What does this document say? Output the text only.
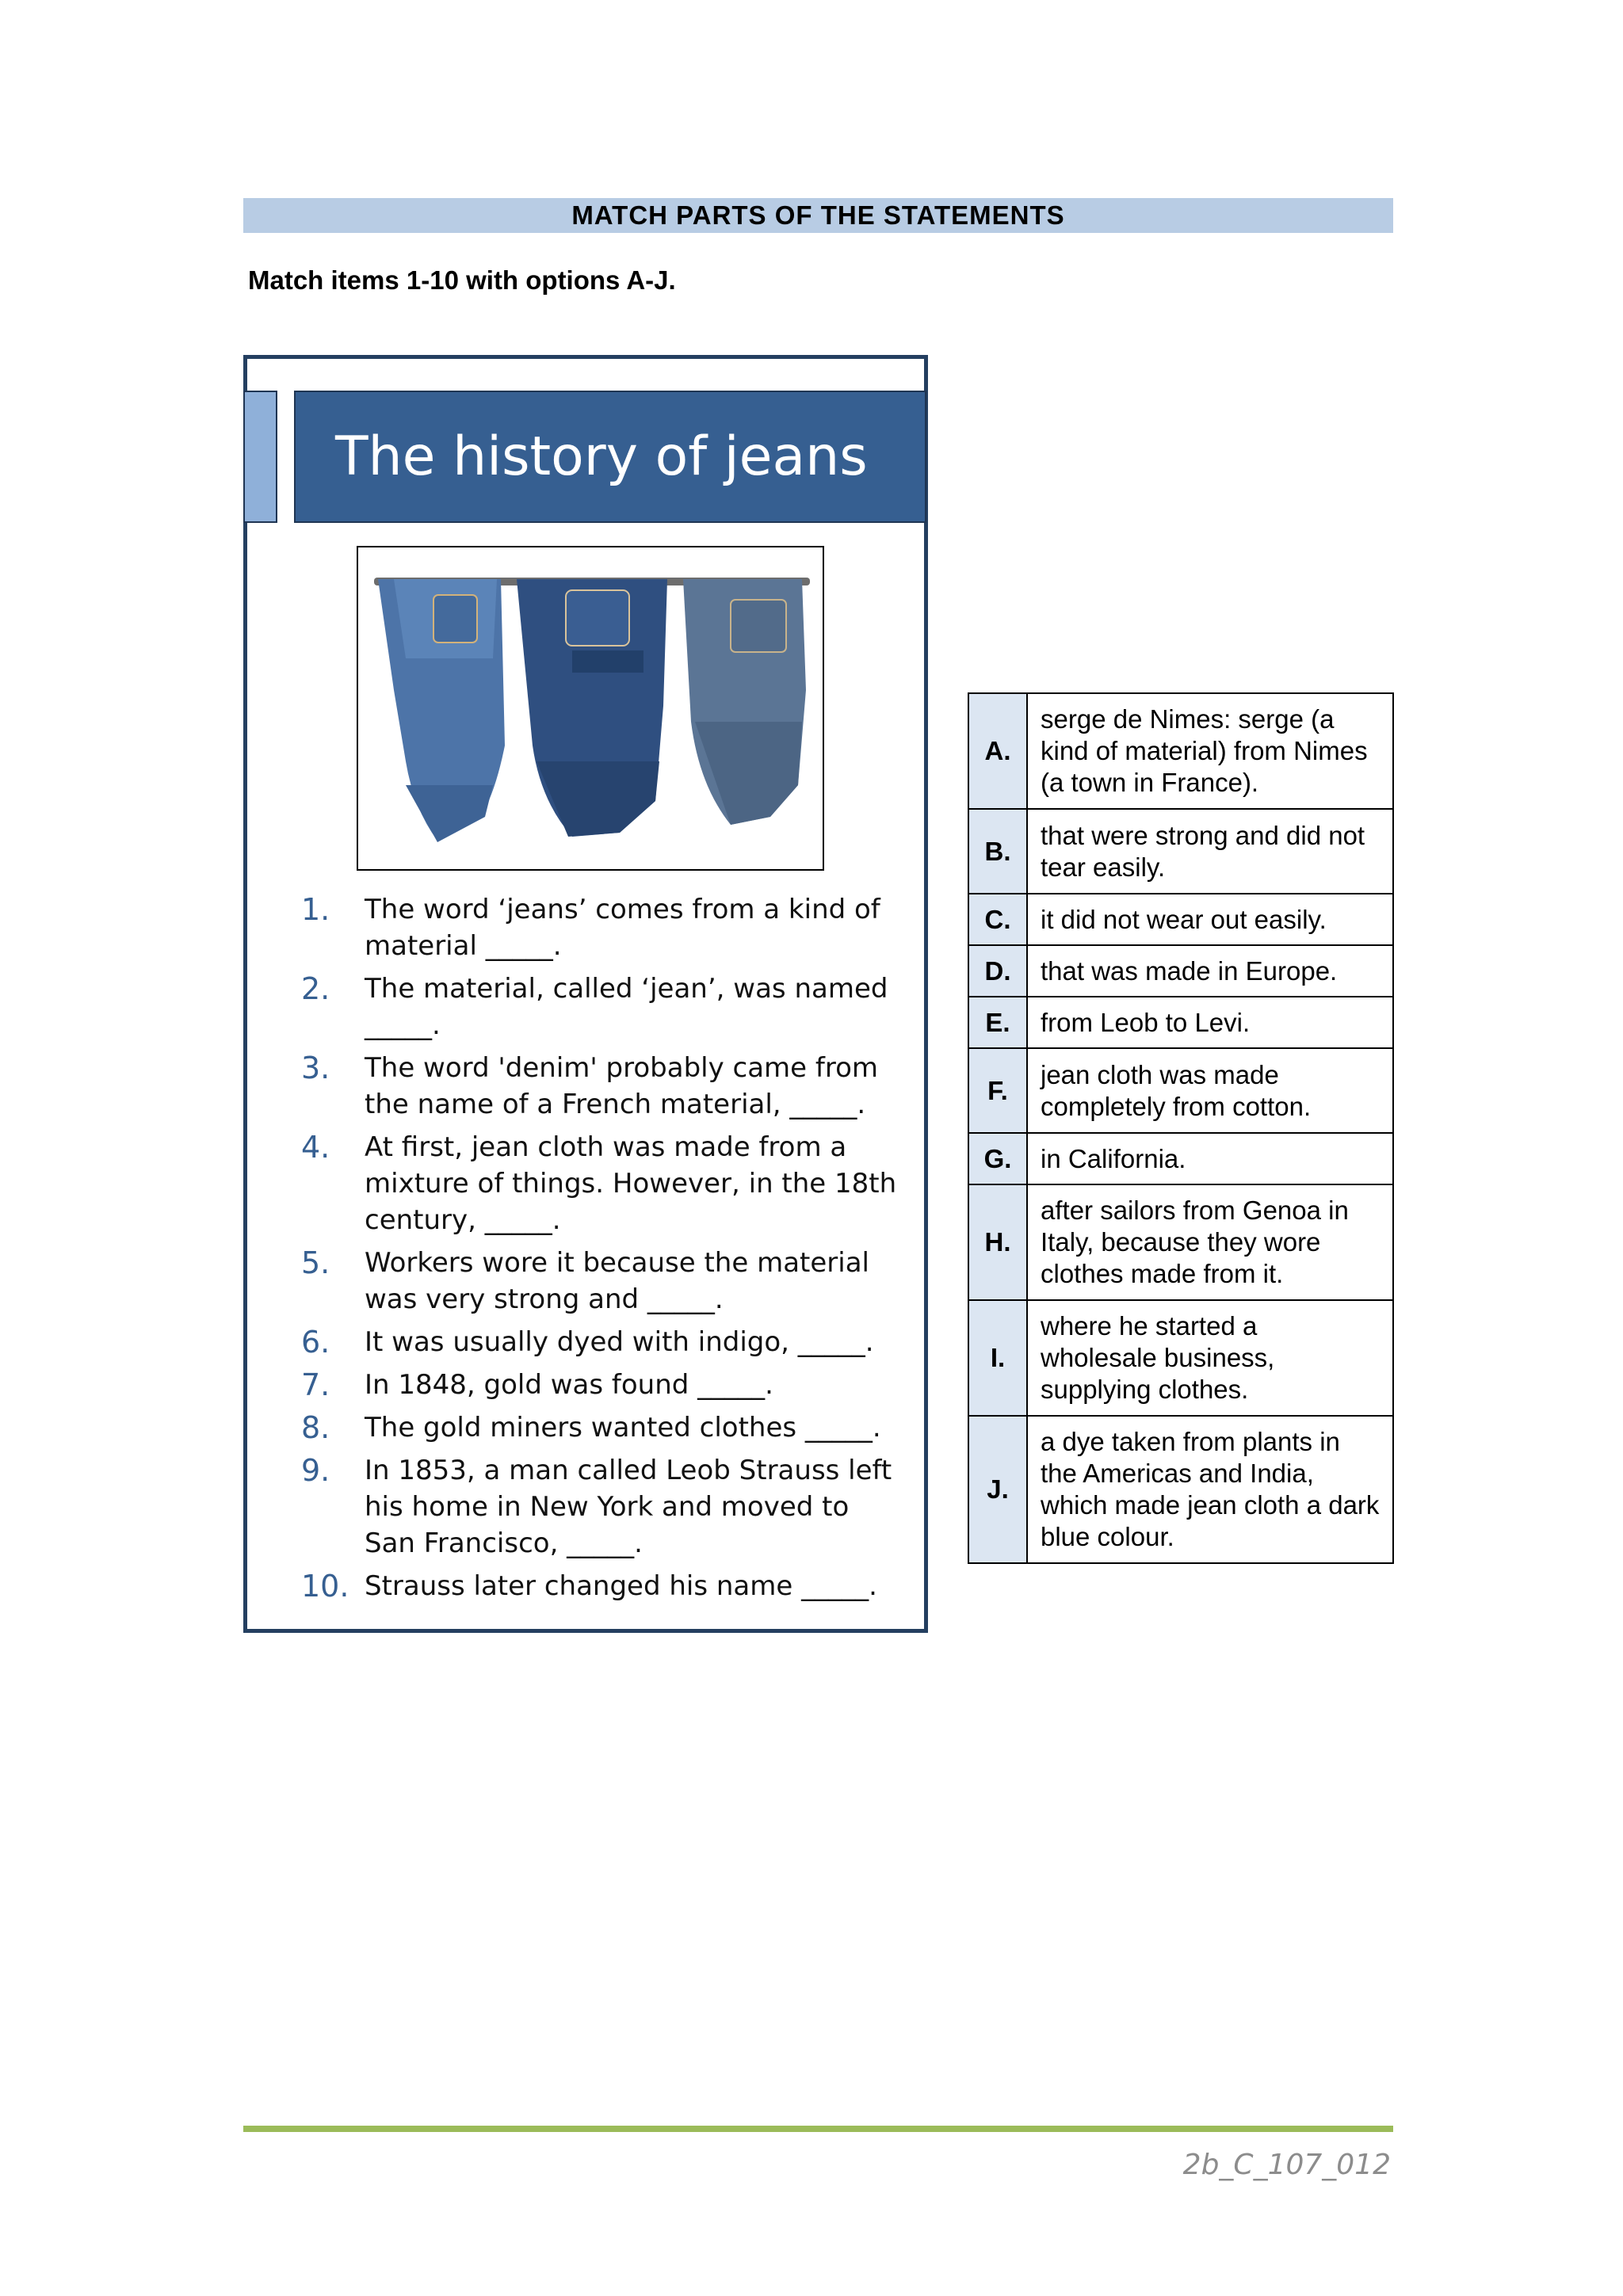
MATCH PARTS OF THE STATEMENTS
Match items 1-10 with options A-J.
The history of jeans
1.	The word ‘jeans’ comes from a kind of material _____.
2.	The material, called ‘jean’, was named _____.
3.	The word 'denim' probably came from the name of a French material, _____.
4.	At first, jean cloth was made from a mixture of things. However, in the 18th century, _____.
5.	Workers wore it because the material was very strong and _____.
6.	It was usually dyed with indigo, _____.
7.	In 1848, gold was found _____.
8.	The gold miners wanted clothes _____.
9.	In 1853, a man called Leob Strauss left his home in New York and moved to San Francisco, _____.
10. Strauss later changed his name _____.
A.	serge de Nimes: serge (a kind of material) from Nimes (a town in France).
B.	that were strong and did not tear easily.
C.	it did not wear out easily.
D.	that was made in Europe.
E.	from Leob to Levi.
F.	jean cloth was made completely from cotton.
G.	in California.
H.	after sailors from Genoa in Italy, because they wore clothes made from it.
I.	where he started a wholesale business, supplying clothes.
J.	a dye taken from plants in the Americas and India, which made jean cloth a dark blue colour.
2b_C_107_012
